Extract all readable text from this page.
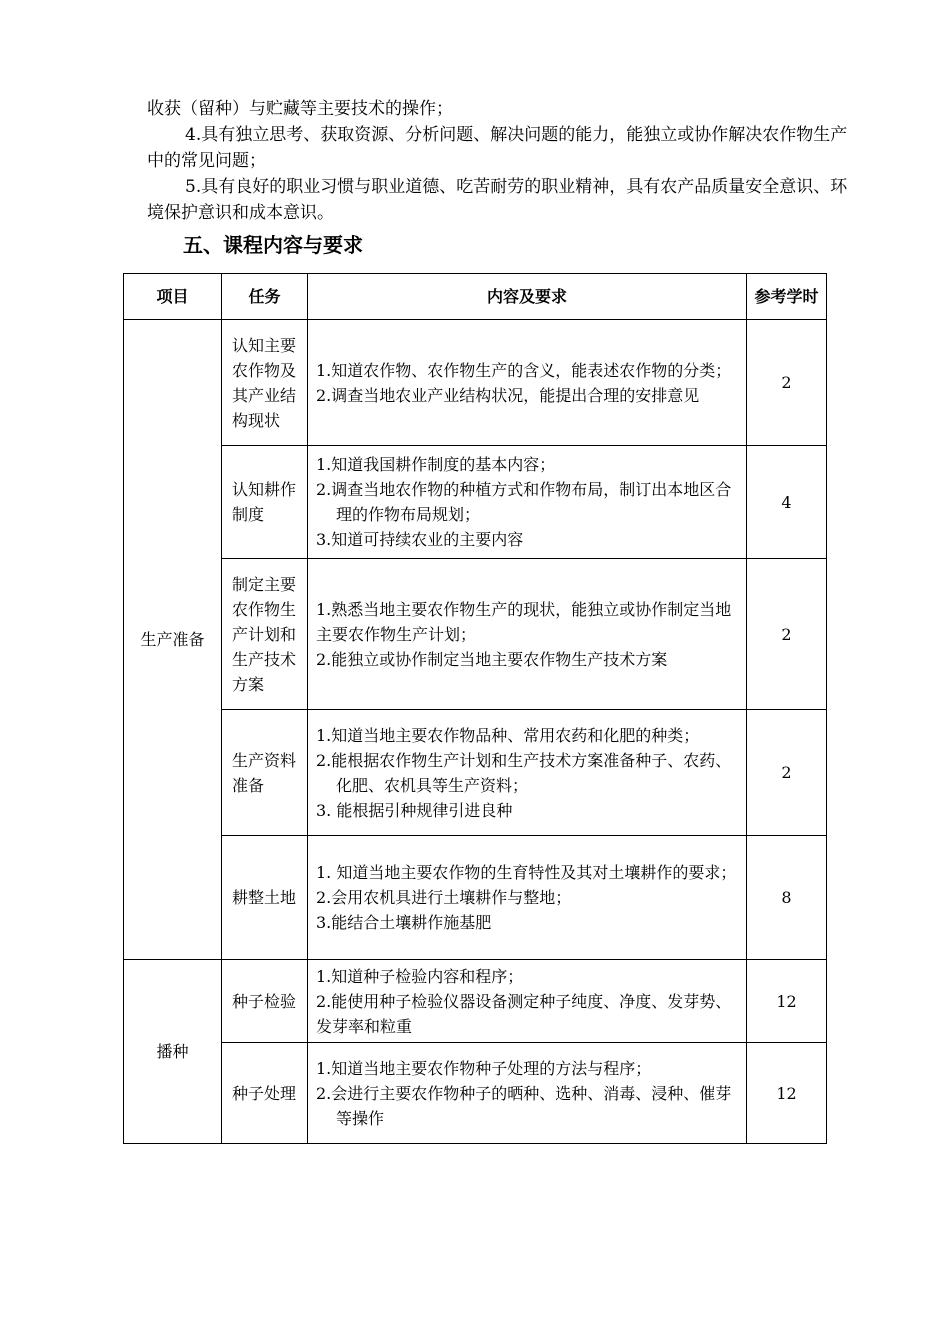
收获（留种）与贮藏等主要技术的操作；
4.具有独立思考、获取资源、分析问题、解决问题的能力，能独立或协作解决农作物生产中的常见问题；
5.具有良好的职业习惯与职业道德、吃苦耐劳的职业精神，具有农产品质量安全意识、环境保护意识和成本意识。
五、课程内容与要求
项目	任务	内容及要求	参考学时
生产准备	认知主要农作物及其产业结构现状	1.知道农作物、农作物生产的含义，能表述农作物的分类；
2.调查当地农业产业结构状况，能提出合理的安排意见	2

	认知耕作制度	1.知道我国耕作制度的基本内容；
2.调查当地农作物的种植方式和作物布局，制订出本地区合理的作物布局规划；
3.知道可持续农业的主要内容	4

	制定主要农作物生产计划和生产技术方案	1.熟悉当地主要农作物生产的现状，能独立或协作制定当地主要农作物生产计划；
2.能独立或协作制定当地主要农作物生产技术方案	2

	生产资料准备	1.知道当地主要农作物品种、常用农药和化肥的种类；
2.能根据农作物生产计划和生产技术方案准备种子、农药、化肥、农机具等生产资料；
3. 能根据引种规律引进良种	2

	耕整土地	1. 知道当地主要农作物的生育特性及其对土壤耕作的要求；
2.会用农机具进行土壤耕作与整地；
3.能结合土壤耕作施基肥	8
播种	种子检验	1.知道种子检验内容和程序；
2.能使用种子检验仪器设备测定种子纯度、净度、发芽势、发芽率和粒重	12

	种子处理	1.知道当地主要农作物种子处理的方法与程序；
2.会进行主要农作物种子的晒种、选种、消毒、浸种、催芽等操作	12
